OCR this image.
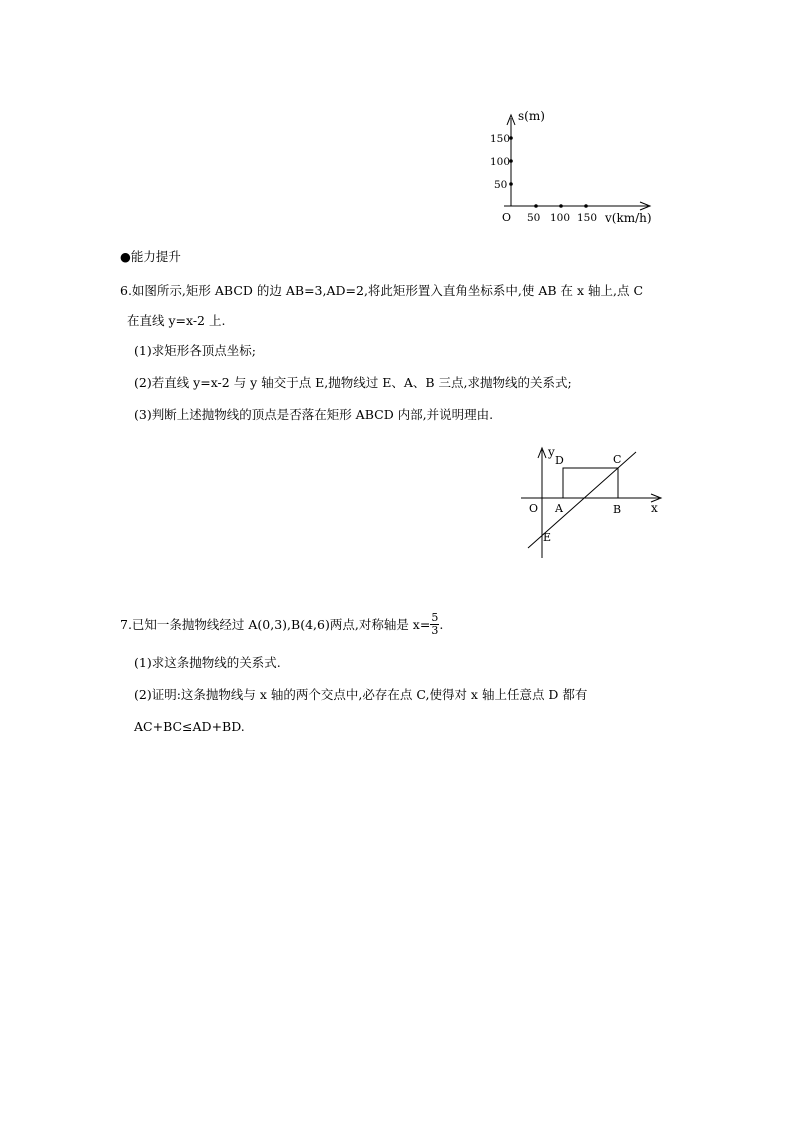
s(m)
150
100
50
O 50 100 150 v(km/h)
●能力提升
6.如图所示,矩形 ABCD 的边 AB=3,AD=2,将此矩形置入直角坐标系中,使 AB 在 x 轴上,点 C
在直线 y=x-2 上.
(1)求矩形各顶点坐标;
(2)若直线 y=x-2 与 y 轴交于点 E,抛物线过 E、A、B 三点,求抛物线的关系式;
(3)判断上述抛物线的顶点是否落在矩形 ABCD 内部,并说明理由.
y
D	C
O A	B x
E
7.已知一条抛物线经过 A(0,3),B(4,6)两点,对称轴是 $x= \frac{5}{3}$ .
(1)求这条抛物线的关系式.
(2)证明:这条抛物线与 x 轴的两个交点中,必存在点 C,使得对 x 轴上任意点 D 都有
AC+BC≤AD+BD.
